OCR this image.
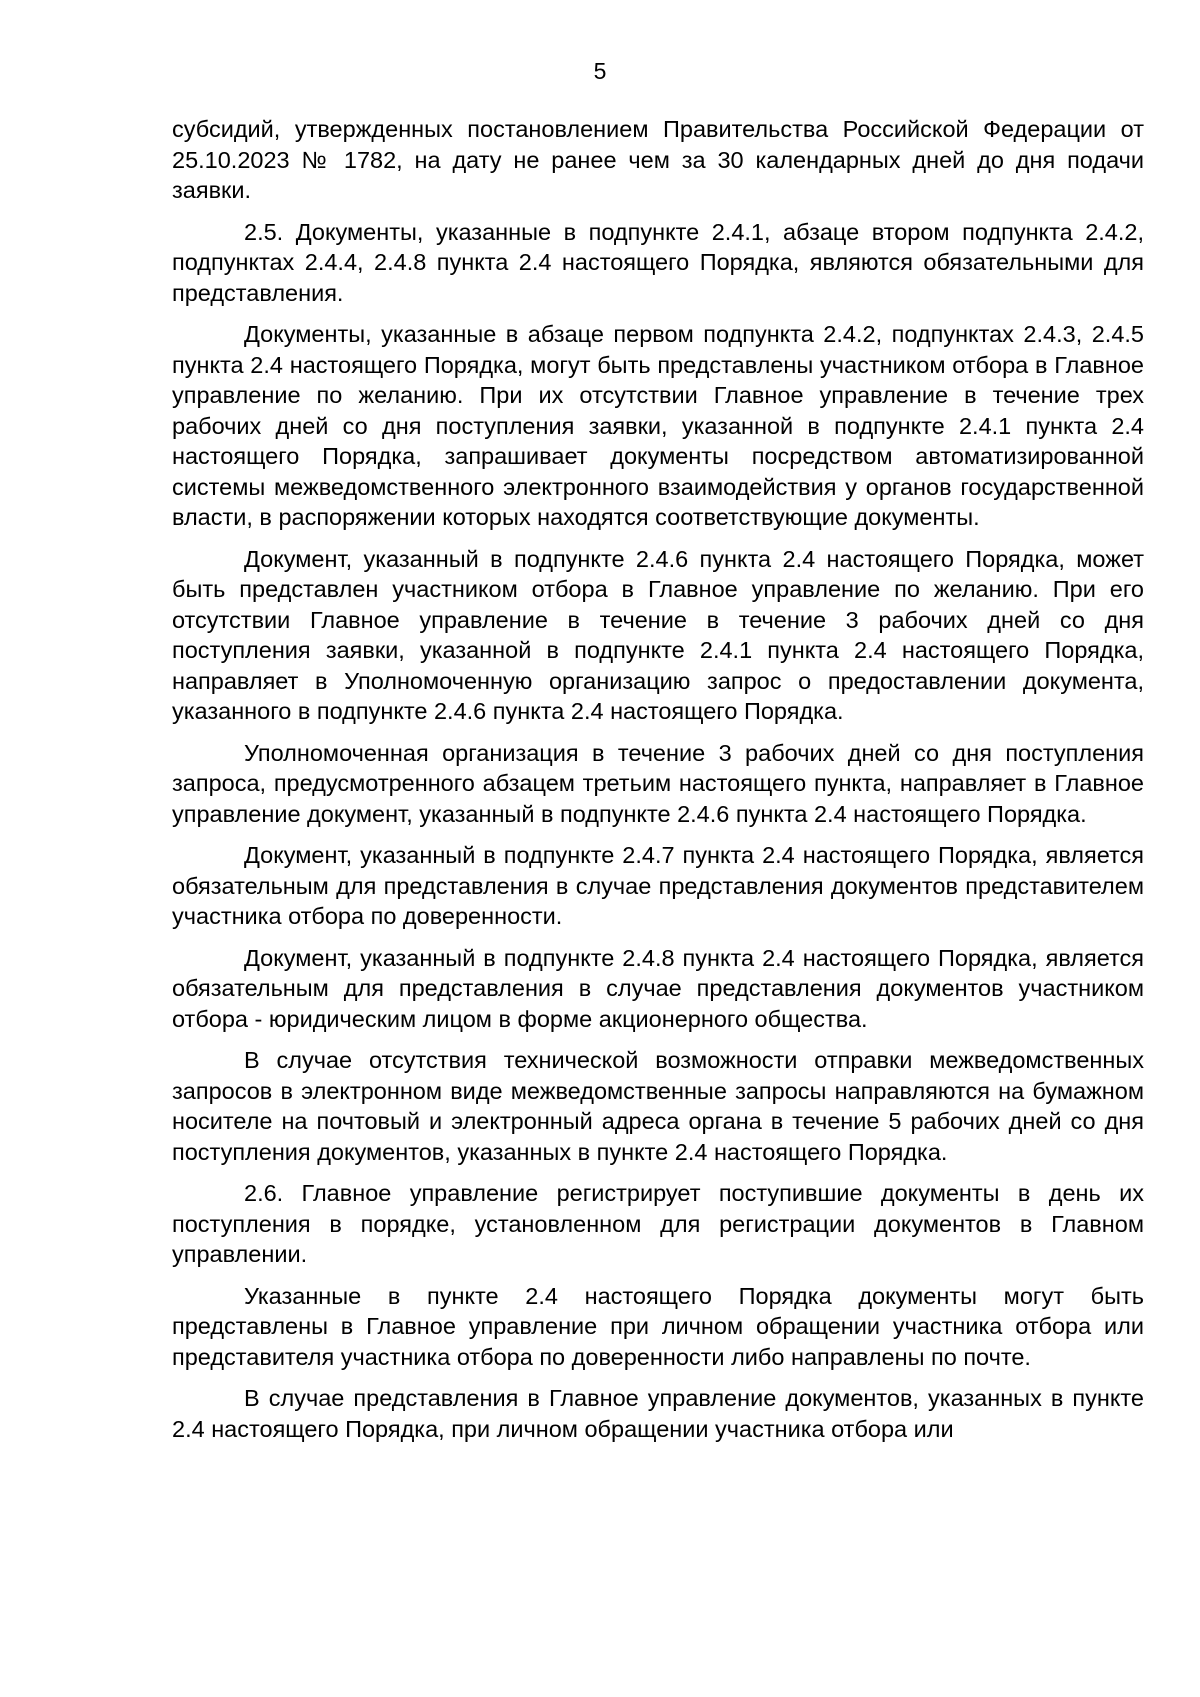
5

субсидий, утвержденных постановлением Правительства Российской Федерации от 25.10.2023 № 1782, на дату не ранее чем за 30 календарных дней до дня подачи заявки.

2.5. Документы, указанные в подпункте 2.4.1, абзаце втором подпункта 2.4.2, подпунктах 2.4.4, 2.4.8 пункта 2.4 настоящего Порядка, являются обязательными для представления.

Документы, указанные в абзаце первом подпункта 2.4.2, подпунктах 2.4.3, 2.4.5 пункта 2.4 настоящего Порядка, могут быть представлены участником отбора в Главное управление по желанию. При их отсутствии Главное управление в течение трех рабочих дней со дня поступления заявки, указанной в подпункте 2.4.1 пункта 2.4 настоящего Порядка, запрашивает документы посредством автоматизированной системы межведомственного электронного взаимодействия у органов государственной власти, в распоряжении которых находятся соответствующие документы.

Документ, указанный в подпункте 2.4.6 пункта 2.4 настоящего Порядка, может быть представлен участником отбора в Главное управление по желанию. При его отсутствии Главное управление в течение в течение 3 рабочих дней со дня поступления заявки, указанной в подпункте 2.4.1 пункта 2.4 настоящего Порядка, направляет в Уполномоченную организацию запрос о предоставлении документа, указанного в подпункте 2.4.6 пункта 2.4 настоящего Порядка.

Уполномоченная организация в течение 3 рабочих дней со дня поступления запроса, предусмотренного абзацем третьим настоящего пункта, направляет в Главное управление документ, указанный в подпункте 2.4.6 пункта 2.4 настоящего Порядка.

Документ, указанный в подпункте 2.4.7 пункта 2.4 настоящего Порядка, является обязательным для представления в случае представления документов представителем участника отбора по доверенности.

Документ, указанный в подпункте 2.4.8 пункта 2.4 настоящего Порядка, является обязательным для представления в случае представления документов участником отбора - юридическим лицом в форме акционерного общества.

В случае отсутствия технической возможности отправки межведомственных запросов в электронном виде межведомственные запросы направляются на бумажном носителе на почтовый и электронный адреса органа в течение 5 рабочих дней со дня поступления документов, указанных в пункте 2.4 настоящего Порядка.

2.6. Главное управление регистрирует поступившие документы в день их поступления в порядке, установленном для регистрации документов в Главном управлении.

Указанные в пункте 2.4 настоящего Порядка документы могут быть представлены в Главное управление при личном обращении участника отбора или представителя участника отбора по доверенности либо направлены по почте.

В случае представления в Главное управление документов, указанных в пункте 2.4 настоящего Порядка, при личном обращении участника отбора или
